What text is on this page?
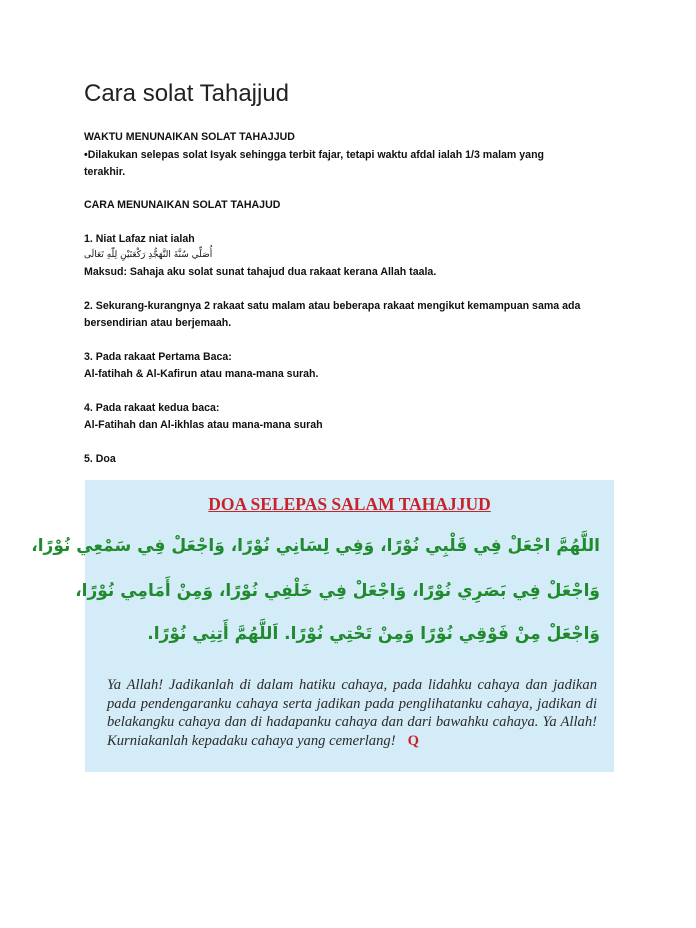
Cara solat Tahajjud
WAKTU MENUNAIKAN SOLAT TAHAJJUD
•Dilakukan selepas solat Isyak sehingga terbit fajar, tetapi waktu afdal ialah 1/3 malam yang
terakhir.
CARA MENUNAIKAN SOLAT TAHAJUD
1. Niat Lafaz niat ialah
أُصَلِّي سُنَّةَ التَّهَجُّدِ رَكْعَتَيْنِ لِلّٰهِ تَعَالَى
Maksud: Sahaja aku solat sunat tahajud dua rakaat kerana Allah taala.
2. Sekurang-kurangnya 2 rakaat satu malam atau beberapa rakaat mengikut kemampuan sama ada
bersendirian atau berjemaah.
3. Pada rakaat Pertama Baca:
Al-fatihah & Al-Kafirun atau mana-mana surah.
4. Pada rakaat kedua baca:
Al-Fatihah dan Al-ikhlas atau mana-mana surah
5. Doa
DOA SELEPAS SALAM TAHAJJUD
اللَّهُمَّ اجْعَلْ فِي قَلْبِي نُوْرًا، وَفِي لِسَانِي نُوْرًا، وَاجْعَلْ فِي سَمْعِي نُوْرًا،
وَاجْعَلْ فِي بَصَرِي نُوْرًا، وَاجْعَلْ فِي خَلْفِي نُوْرًا، وَمِنْ أَمَامِي نُوْرًا،
وَاجْعَلْ مِنْ فَوْقِي نُوْرًا وَمِنْ تَحْتِي نُوْرًا. اَللَّهُمَّ أَتِنِي نُوْرًا.
Ya Allah! Jadikanlah di dalam hatiku cahaya, pada lidahku cahaya dan jadikan pada pendengaranku cahaya serta jadikan pada penglihatanku cahaya, jadikan di belakangku cahaya dan di hadapanku cahaya dan dari bawahku cahaya. Ya Allah! Kurniakanlah kepadaku cahaya yang cemerlang! Q
